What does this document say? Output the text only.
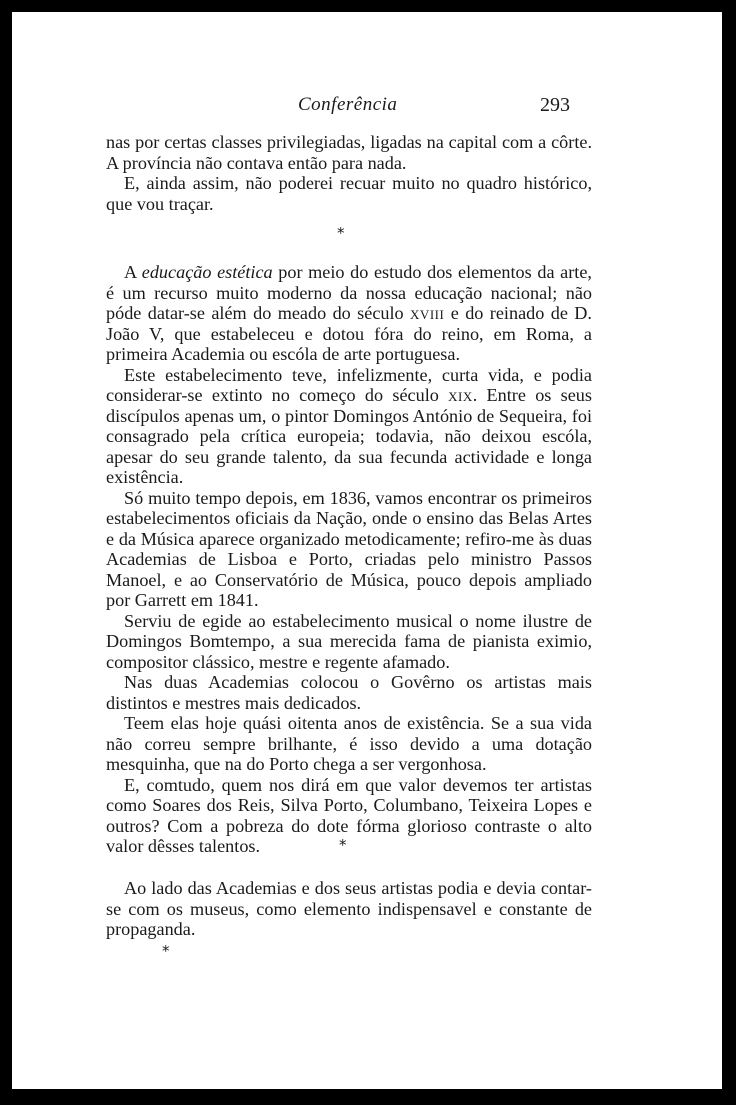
Conferência	293

nas por certas classes privilegiadas, ligadas na capital com a côrte. A província não contava então para nada.

E, ainda assim, não poderei recuar muito no quadro histórico, que vou traçar.

*

A educação estética por meio do estudo dos elementos da arte, é um recurso muito moderno da nossa educação nacional; não póde datar-se além do meado do século xviii e do reinado de D. João V, que estabeleceu e dotou fóra do reino, em Roma, a primeira Academia ou escóla de arte portuguesa.

Este estabelecimento teve, infelizmente, curta vida, e podia considerar-se extinto no começo do século xix. Entre os seus discípulos apenas um, o pintor Domingos António de Sequeira, foi consagrado pela crítica europeia; todavia, não deixou escóla, apesar do seu grande talento, da sua fecunda actividade e longa existência.

Só muito tempo depois, em 1836, vamos encontrar os primeiros estabelecimentos oficiais da Nação, onde o ensino das Belas Artes e da Música aparece organizado metodicamente; refiro-me às duas Academias de Lisboa e Porto, criadas pelo ministro Passos Manoel, e ao Conservatório de Música, pouco depois ampliado por Garrett em 1841.

Serviu de egide ao estabelecimento musical o nome ilustre de Domingos Bomtempo, a sua merecida fama de pianista eximio, compositor clássico, mestre e regente afamado.

Nas duas Academias colocou o Govêrno os artistas mais distintos e mestres mais dedicados.

Teem elas hoje quási oitenta anos de existência. Se a sua vida não correu sempre brilhante, é isso devido a uma dotação mesquinha, que na do Porto chega a ser vergonhosa.

E, comtudo, quem nos dirá em que valor devemos ter artistas como Soares dos Reis, Silva Porto, Columbano, Teixeira Lopes e outros? Com a pobreza do dote fórma glorioso contraste o alto valor dêsses talentos.	*

Ao lado das Academias e dos seus artistas podia e devia contar-se com os museus, como elemento indispensavel e constante de propaganda.

*
